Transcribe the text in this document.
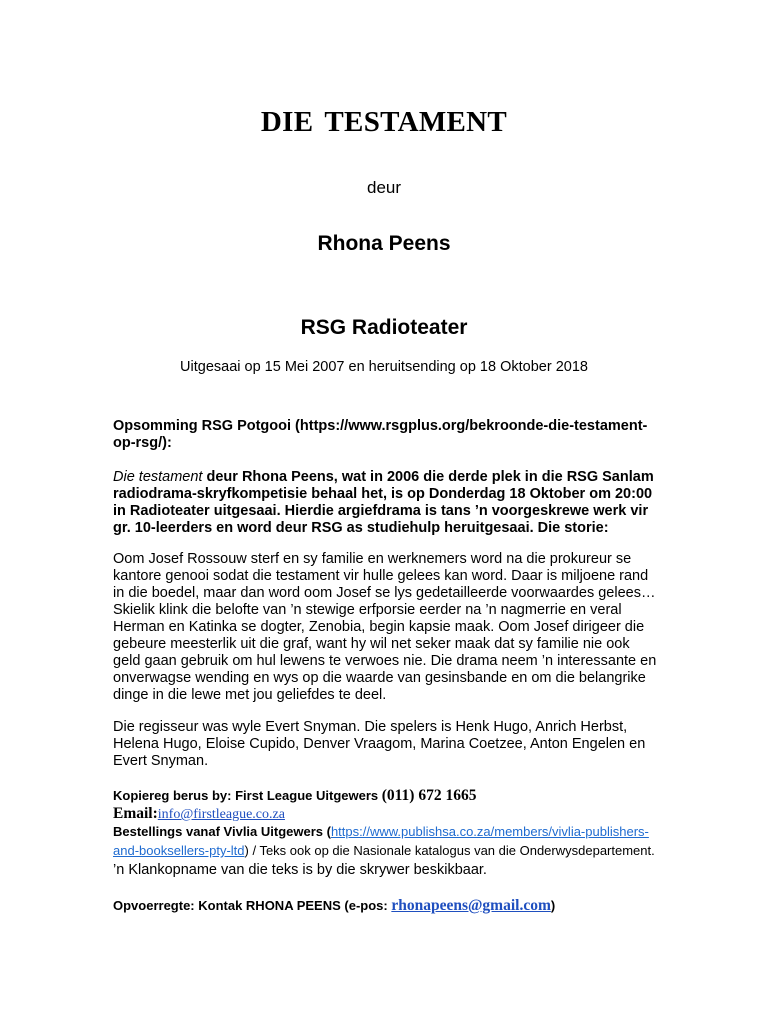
DIE TESTAMENT
deur
Rhona Peens
RSG Radioteater
Uitgesaai op 15 Mei 2007 en heruitsending op 18 Oktober 2018
Opsomming RSG Potgooi (https://www.rsgplus.org/bekroonde-die-testament-op-rsg/):
Die testament deur Rhona Peens, wat in 2006 die derde plek in die RSG Sanlam radiodrama-skryfkompetisie behaal het, is op Donderdag 18 Oktober om 20:00 in Radioteater uitgesaai. Hierdie argiefdrama is tans ’n voorgeskrewe werk vir gr. 10-leerders en word deur RSG as studiehulp heruitgesaai. Die storie:
Oom Josef Rossouw sterf en sy familie en werknemers word na die prokureur se kantore genooi sodat die testament vir hulle gelees kan word. Daar is miljoene rand in die boedel, maar dan word oom Josef se lys gedetailleerde voorwaardes gelees… Skielik klink die belofte van ’n stewige erfporsie eerder na ’n nagmerrie en veral Herman en Katinka se dogter, Zenobia, begin kapsie maak. Oom Josef dirigeer die gebeure meesterlik uit die graf, want hy wil net seker maak dat sy familie nie ook geld gaan gebruik om hul lewens te verwoes nie. Die drama neem ’n interessante en onverwagse wending en wys op die waarde van gesinsbande en om die belangrike dinge in die lewe met jou geliefdes te deel.
Die regisseur was wyle Evert Snyman. Die spelers is Henk Hugo, Anrich Herbst, Helena Hugo, Eloise Cupido, Denver Vraagom, Marina Coetzee, Anton Engelen en Evert Snyman.
Kopiereg berus by: First League Uitgewers (011) 672 1665
Email:info@firstleague.co.za
Bestellings vanaf Vivlia Uitgewers (https://www.publishsa.co.za/members/vivlia-publishers-and-booksellers-pty-ltd) / Teks ook op die Nasionale katalogus van die Onderwysdepartement. ’n Klankopname van die teks is by die skrywer beskikbaar.
Opvoerregte: Kontak RHONA PEENS (e-pos: rhonapeens@gmail.com)
